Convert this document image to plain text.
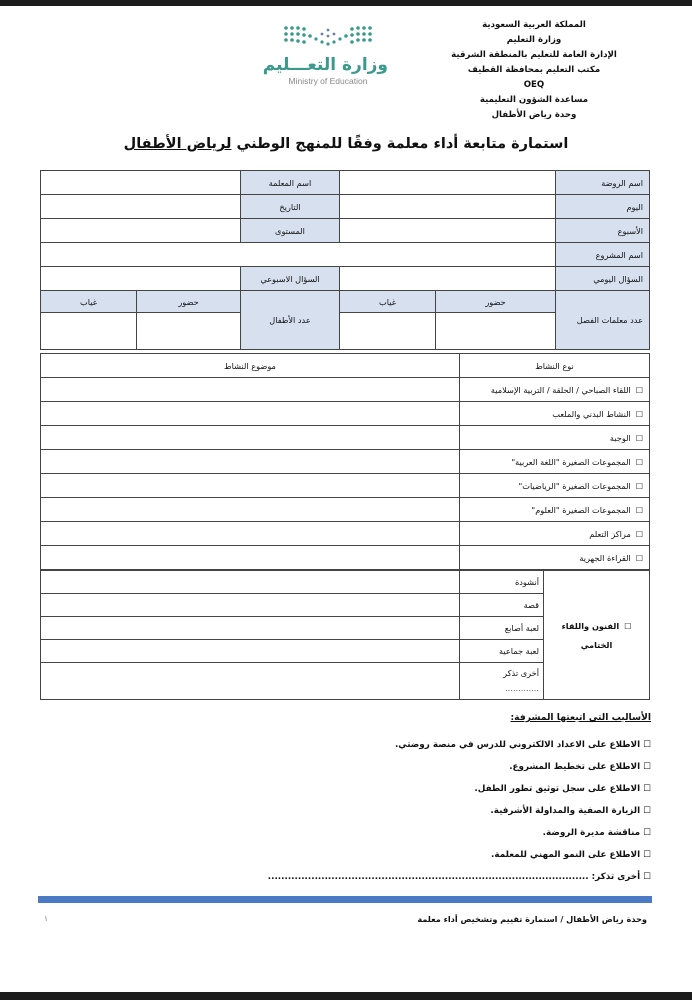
المملكة العربية السعودية
وزارة التعليم
الإدارة العامة للتعليم بالمنطقة الشرقية
مكتب التعليم بمحافظة القطيف
OEQ
مساعدة الشؤون التعليمية
وحدة رياض الأطفال
وزارة التعـــليم
Ministry of Education
استمارة متابعة أداء معلمة وفقًا للمنهج الوطني لرياض الأطفال
اسم الروضة			اسم المعلمة		
اليوم			التاريخ		
الأسبوع			المستوى		
اسم المشروع					
السؤال اليومي			السؤال الاسبوعي		
عدد معلمات الفصل	حضور	غياب	عدد الأطفال	حضور	غياب

نوع النشاط	موضوع النشاط
☐اللقاء الصباحي / الحلقة / التربية الإسلامية	
☐النشاط البدني والملعب	
☐الوجبة	
☐المجموعات الصغيرة "اللغة العربية"	
☐المجموعات الصغيرة "الرياضيات"	
☐المجموعات الصغيرة "العلوم"	
☐مراكز التعلم	
☐القراءة الجهرية	
☐الفنون واللقاء الختامي	أنشودة	
	قصة	
	لعبة أصابع	
	لعبة جماعية	

	أخرى تذكر
.............	

الأساليب التي اتبعتها المشرفة:
☐الاطلاع على الاعداد الالكتروني للدرس في منصة روضتي.
☐الاطلاع على تخطيط المشروع.
☐الاطلاع على سجل توثيق تطور الطفل.
☐الزيارة الصفية والمداولة الأشرفية.
☐مناقشة مديرة الروضة.
☐الاطلاع على النمو المهني للمعلمة.
☐أخرى تذكر: ................................................................................................
وحدة رياض الأطفال / استمارة تقييم وتشخيص أداء معلمة
١
